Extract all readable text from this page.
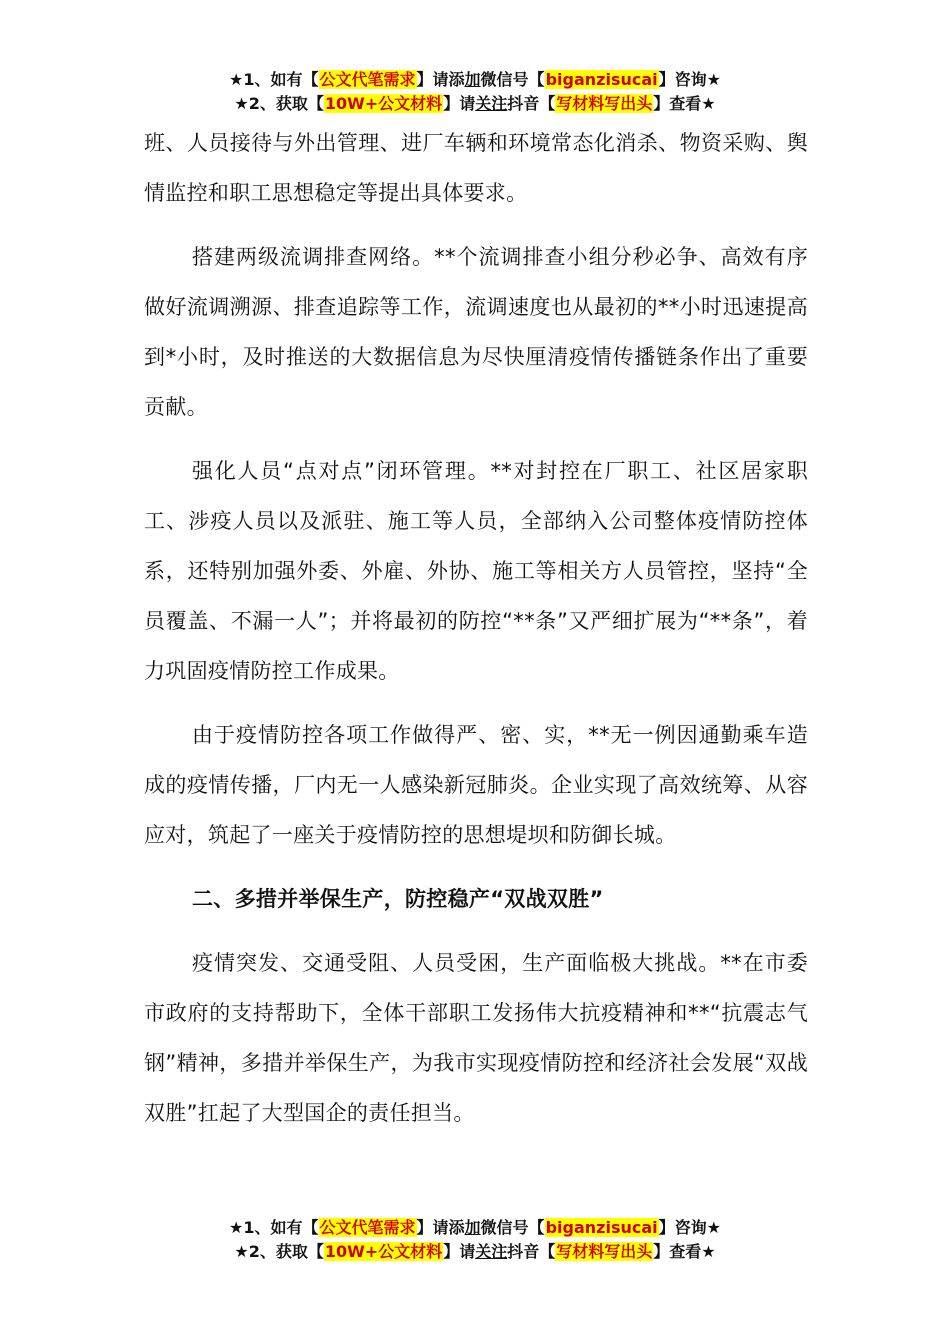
★1、如有【公文代笔需求】请添加微信号【biganzisucai】咨询★
★2、获取【10W+公文材料】请关注抖音【写材料写出头】查看★

班、人员接待与外出管理、进厂车辆和环境常态化消杀、物资采购、舆情监控和职工思想稳定等提出具体要求。

搭建两级流调排查网络。**个流调排查小组分秒必争、高效有序做好流调溯源、排查追踪等工作，流调速度也从最初的**小时迅速提高到*小时，及时推送的大数据信息为尽快厘清疫情传播链条作出了重要贡献。

强化人员“点对点”闭环管理。**对封控在厂职工、社区居家职工、涉疫人员以及派驻、施工等人员，全部纳入公司整体疫情防控体系，还特别加强外委、外雇、外协、施工等相关方人员管控，坚持“全员覆盖、不漏一人”；并将最初的防控“**条”又严细扩展为“**条”，着力巩固疫情防控工作成果。

由于疫情防控各项工作做得严、密、实，**无一例因通勤乘车造成的疫情传播，厂内无一人感染新冠肺炎。企业实现了高效统筹、从容应对，筑起了一座关于疫情防控的思想堤坝和防御长城。

二、多措并举保生产，防控稳产“双战双胜”

疫情突发、交通受阻、人员受困，生产面临极大挑战。**在市委市政府的支持帮助下，全体干部职工发扬伟大抗疫精神和**“抗震志气钢”精神，多措并举保生产，为我市实现疫情防控和经济社会发展“双战双胜”扛起了大型国企的责任担当。

★1、如有【公文代笔需求】请添加微信号【biganzisucai】咨询★
★2、获取【10W+公文材料】请关注抖音【写材料写出头】查看★
